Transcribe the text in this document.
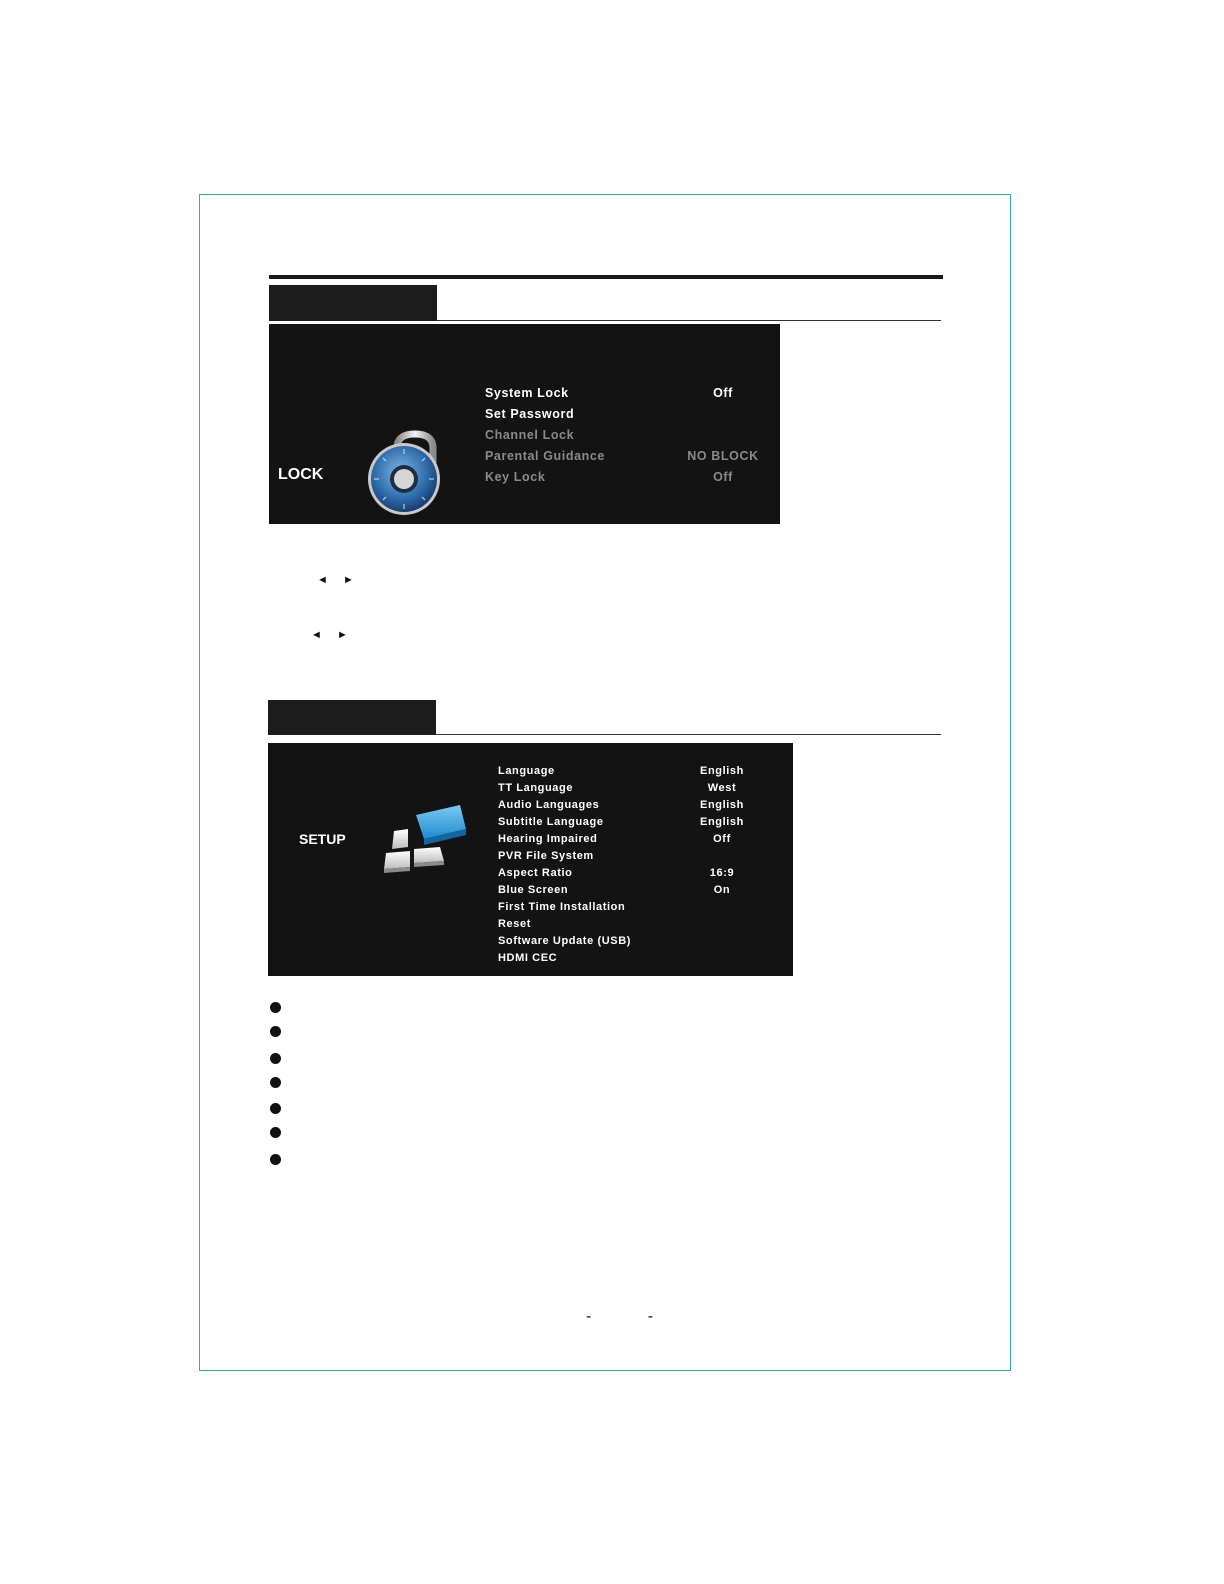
LOCK
System Lock	Off
Set Password
Channel Lock
Parental Guidance	NO BLOCK
Key Lock	Off
◄ ►
◄ ►
SETUP
Language	English
TT Language	West
Audio Languages	English
Subtitle Language	English
Hearing Impaired	Off
PVR File System
Aspect Ratio	16:9
Blue Screen	On
First Time Installation
Reset
Software Update (USB)
HDMI CEC
- -
